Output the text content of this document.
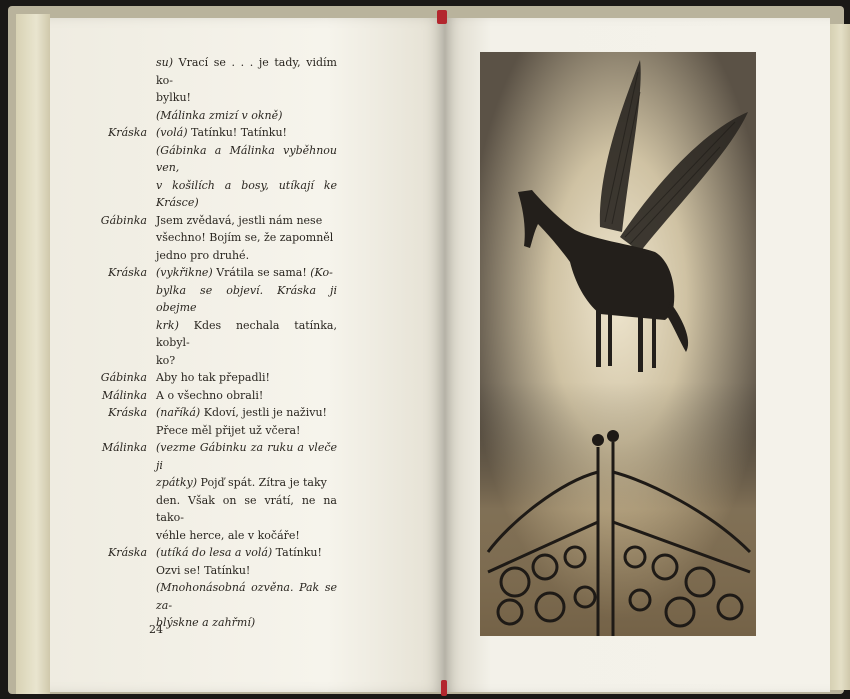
su) Vrací se . . . je tady, vidím ko-
bylku!
(Málinka zmizí v okně)
Kráska (volá) Tatínku! Tatínku!
(Gábinka a Málinka vyběhnou ven,
v košilích a bosy, utíkají ke Krásce)
Gábinka Jsem zvědavá, jestli nám nese
všechno! Bojím se, že zapomněl
jedno pro druhé.
Kráska (vykřikne) Vrátila se sama! (Ko-
bylka se objeví. Kráska ji obejme
krk) Kdes nechala tatínka, kobyl-
ko?
Gábinka Aby ho tak přepadli!
Málinka A o všechno obrali!
Kráska (naříká) Kdoví, jestli je naživu!
Přece měl přijet už včera!
Málinka (vezme Gábinku za ruku a vleče ji
zpátky) Pojď spát. Zítra je taky
den. Však on se vrátí, ne na tako-
véhle herce, ale v kočáře!
Kráska (utíká do lesa a volá) Tatínku!
Ozvi se! Tatínku!
(Mnohonásobná ozvěna. Pak se za-
blýskne a zahřmí)
24
